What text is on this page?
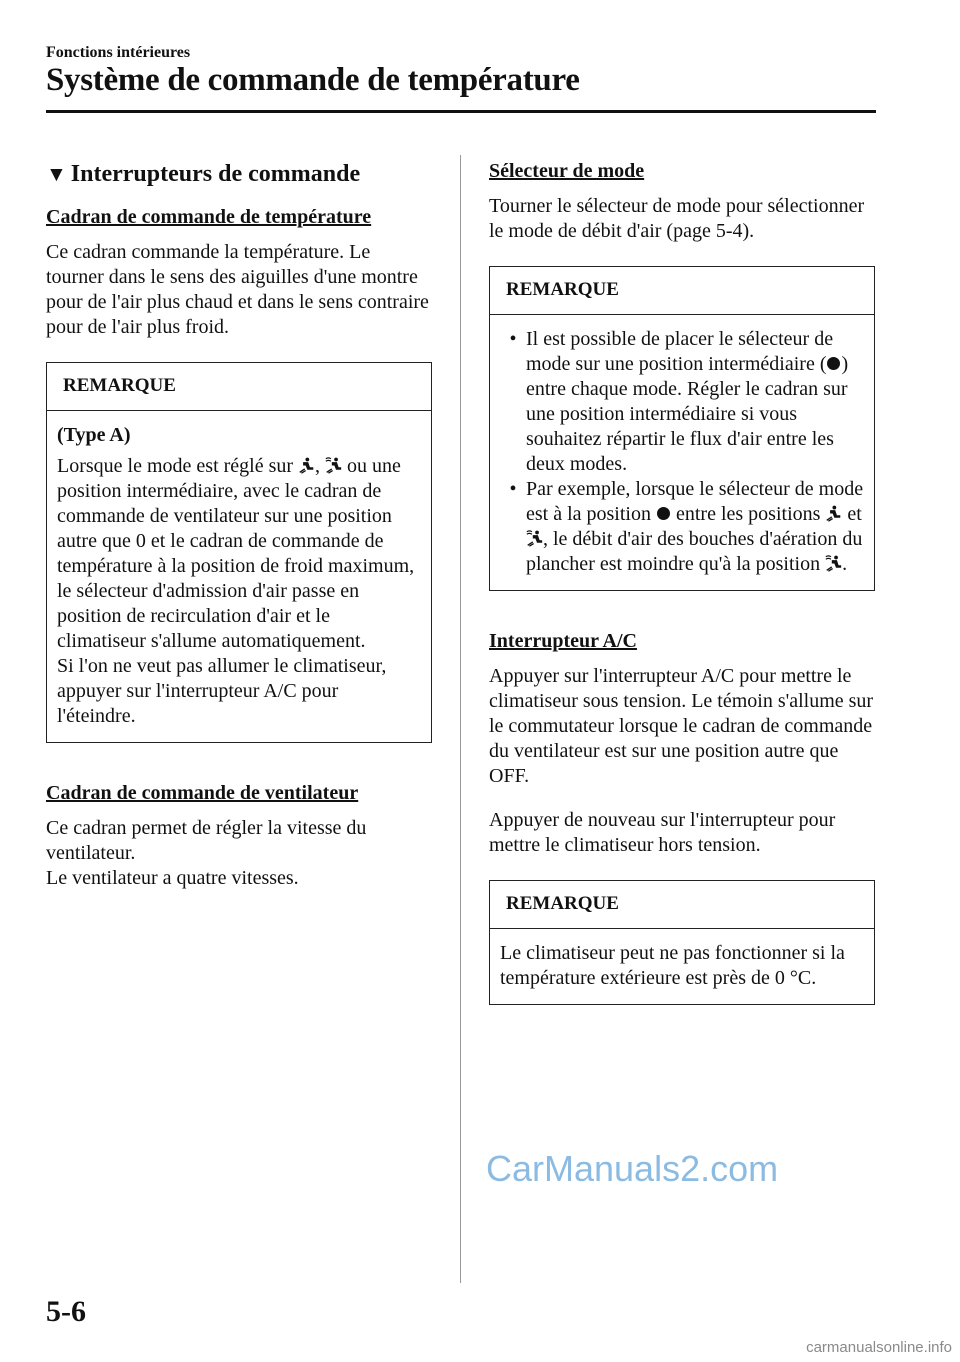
Fonctions intérieures
Système de commande de température
▼ Interrupteurs de commande
Cadran de commande de température

Ce cadran commande la température. Le tourner dans le sens des aiguilles d'une montre pour de l'air plus chaud et dans le sens contraire pour de l'air plus froid.

REMARQUE
(Type A)

Lorsque le mode est réglé sur , ou une position intermédiaire, avec le cadran de commande de ventilateur sur une position autre que 0 et le cadran de commande de température à la position de froid maximum, le sélecteur d'admission d'air passe en position de recirculation d'air et le climatiseur s'allume automatiquement.

Si l'on ne veut pas allumer le climatiseur, appuyer sur l'interrupteur A/C pour l'éteindre.

Cadran de commande de ventilateur

Ce cadran permet de régler la vitesse du ventilateur.

Le ventilateur a quatre vitesses.

Sélecteur de mode

Tourner le sélecteur de mode pour sélectionner le mode de débit d'air (page 5-4).

REMARQUE
• Il est possible de placer le sélecteur de mode sur une position intermédiaire ( ) entre chaque mode. Régler le cadran sur une position intermédiaire si vous souhaitez répartir le flux d'air entre les deux modes.
• Par exemple, lorsque le sélecteur de mode est à la position entre les positions et , le débit d'air des bouches d'aération du plancher est moindre qu'à la position .
Interrupteur A/C

Appuyer sur l'interrupteur A/C pour mettre le climatiseur sous tension. Le témoin s'allume sur le commutateur lorsque le cadran de commande du ventilateur est sur une position autre que OFF.

Appuyer de nouveau sur l'interrupteur pour mettre le climatiseur hors tension.

REMARQUE

Le climatiseur peut ne pas fonctionner si la température extérieure est près de 0 °C.

CarManuals2.com
5-6
carmanualsonline.info
